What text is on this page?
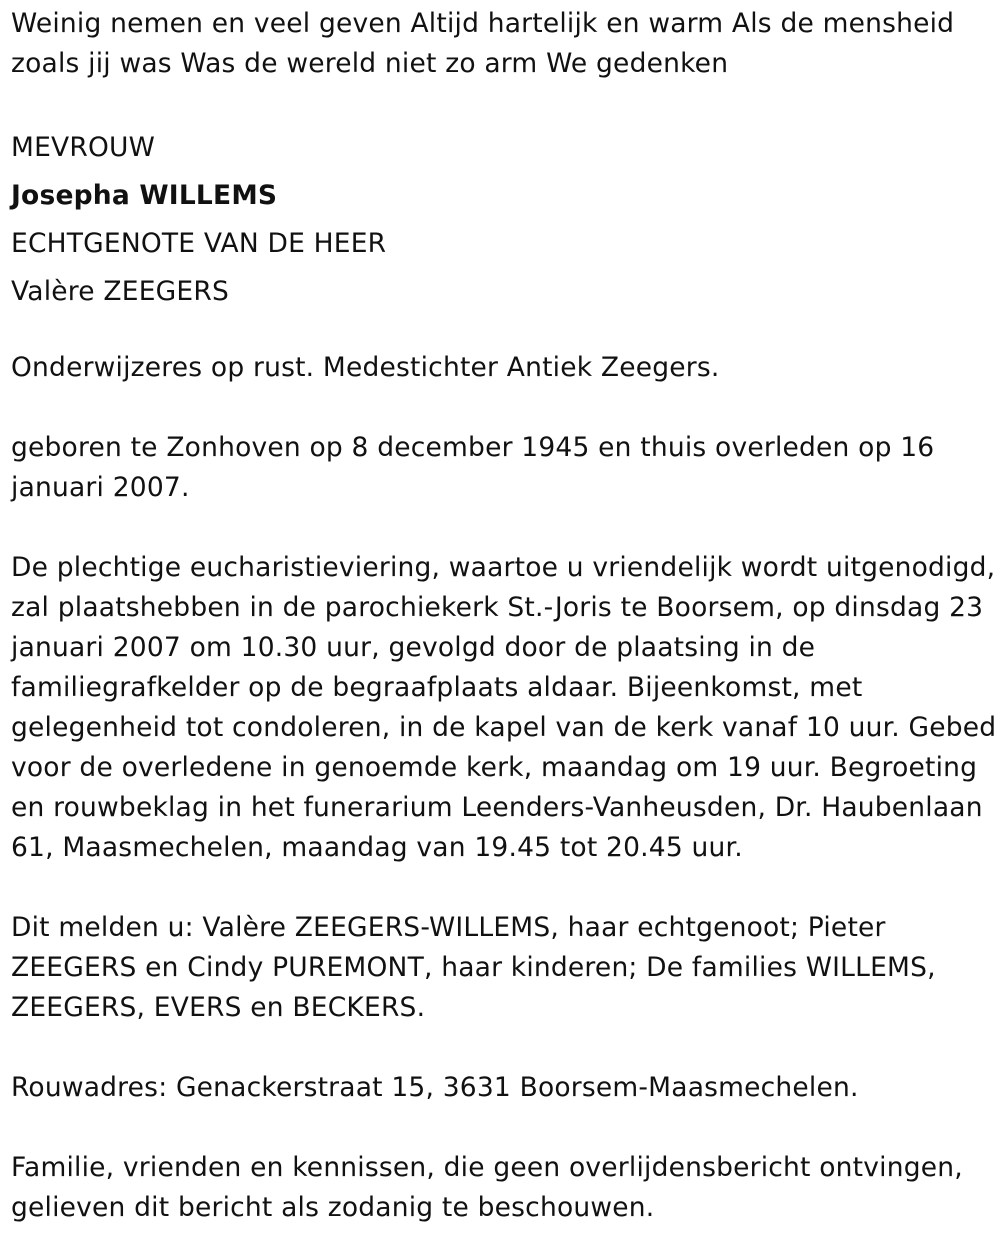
Weinig nemen en veel geven Altijd hartelijk en warm Als de mensheid
zoals jij was Was de wereld niet zo arm We gedenken

MEVROUW

Josepha WILLEMS

ECHTGENOTE VAN DE HEER

Valère ZEEGERS

Onderwijzeres op rust. Medestichter Antiek Zeegers.

geboren te Zonhoven op 8 december 1945 en thuis overleden op 16
januari 2007.

De plechtige eucharistieviering, waartoe u vriendelijk wordt uitgenodigd,
zal plaatshebben in de parochiekerk St.-Joris te Boorsem, op dinsdag 23
januari 2007 om 10.30 uur, gevolgd door de plaatsing in de
familiegrafkelder op de begraafplaats aldaar. Bijeenkomst, met
gelegenheid tot condoleren, in de kapel van de kerk vanaf 10 uur. Gebed
voor de overledene in genoemde kerk, maandag om 19 uur. Begroeting
en rouwbeklag in het funerarium Leenders-Vanheusden, Dr. Haubenlaan
61, Maasmechelen, maandag van 19.45 tot 20.45 uur.

Dit melden u: Valère ZEEGERS-WILLEMS, haar echtgenoot; Pieter
ZEEGERS en Cindy PUREMONT, haar kinderen; De families WILLEMS,
ZEEGERS, EVERS en BECKERS.

Rouwadres: Genackerstraat 15, 3631 Boorsem-Maasmechelen.

Familie, vrienden en kennissen, die geen overlijdensbericht ontvingen,
gelieven dit bericht als zodanig te beschouwen.
